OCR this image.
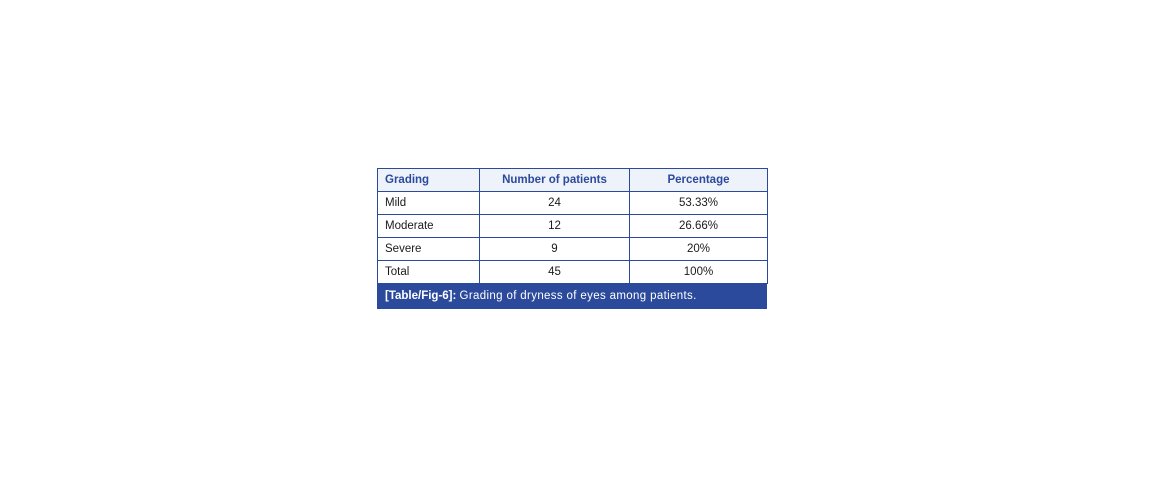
Grading	Number of patients	Percentage
Mild	24	53.33%
Moderate	12	26.66%
Severe	9	20%
Total	45	100%
[Table/Fig-6]: Grading of dryness of eyes among patients.
